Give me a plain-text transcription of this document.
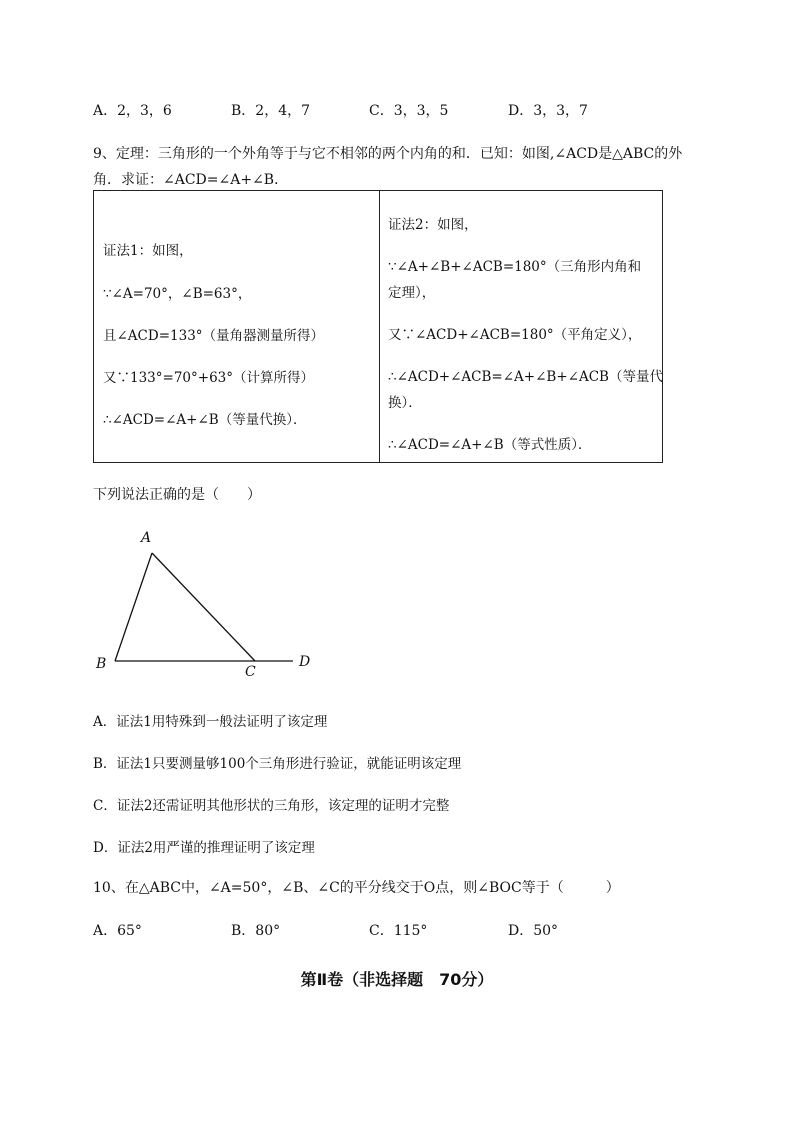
A．2，3，6	B．2，4，7	C．3，3，5	D．3，3，7
9、定理：三角形的一个外角等于与它不相邻的两个内角的和．已知：如图,∠ACD是△ABC的外
角．求证：∠ACD=∠A+∠B．
证法1：如图，
∵∠A=70°，∠B=63°，
且∠ACD=133°（量角器测量所得）
又∵133°=70°+63°（计算所得）
∴∠ACD=∠A+∠B（等量代换）．
证法2：如图，
∵∠A+∠B+∠ACB=180°（三角形内角和
定理），
又∵∠ACD+∠ACB=180°（平角定义），
∴∠ACD+∠ACB=∠A+∠B+∠ACB（等量代
换）．
∴∠ACD=∠A+∠B（等式性质）．
下列说法正确的是（　　）
A
B	C
D
A．证法1用特殊到一般法证明了该定理
B．证法1只要测量够100个三角形进行验证，就能证明该定理
C．证法2还需证明其他形状的三角形，该定理的证明才完整
D．证法2用严谨的推理证明了该定理
10、在△ABC中，∠A=50°，∠B、∠C的平分线交于O点，则∠BOC等于（　　　）
A．65°	B．80°	C．115°	D．50°
第Ⅱ卷（非选择题　70分）
